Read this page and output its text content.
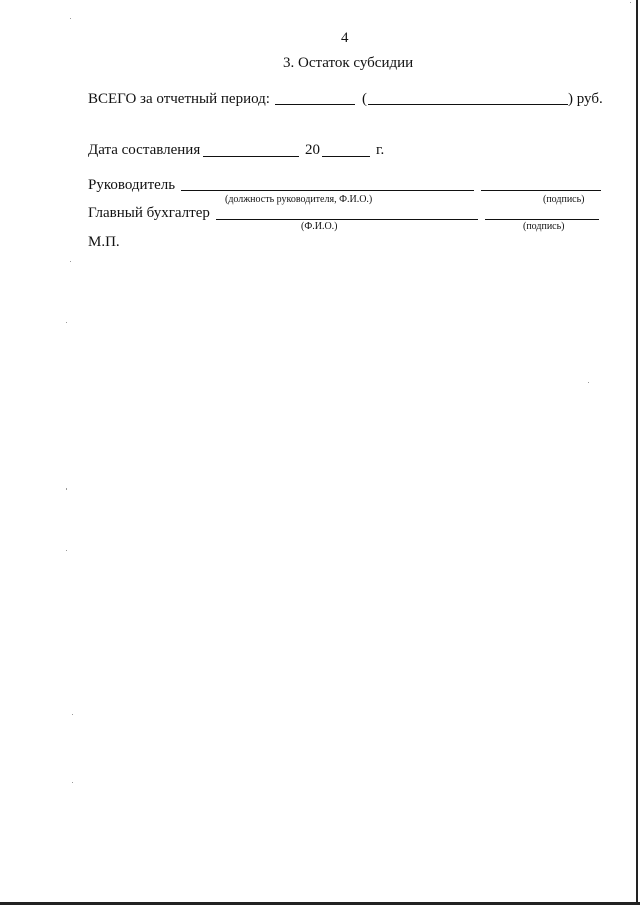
4
3. Остаток субсидии
ВСЕГО за отчетный период:	(	) руб.
Дата составления	20	г.
Руководитель
(должность руководителя, Ф.И.О.)	(подпись)
Главный бухгалтер
(Ф.И.О.)	(подпись)
М.П.
